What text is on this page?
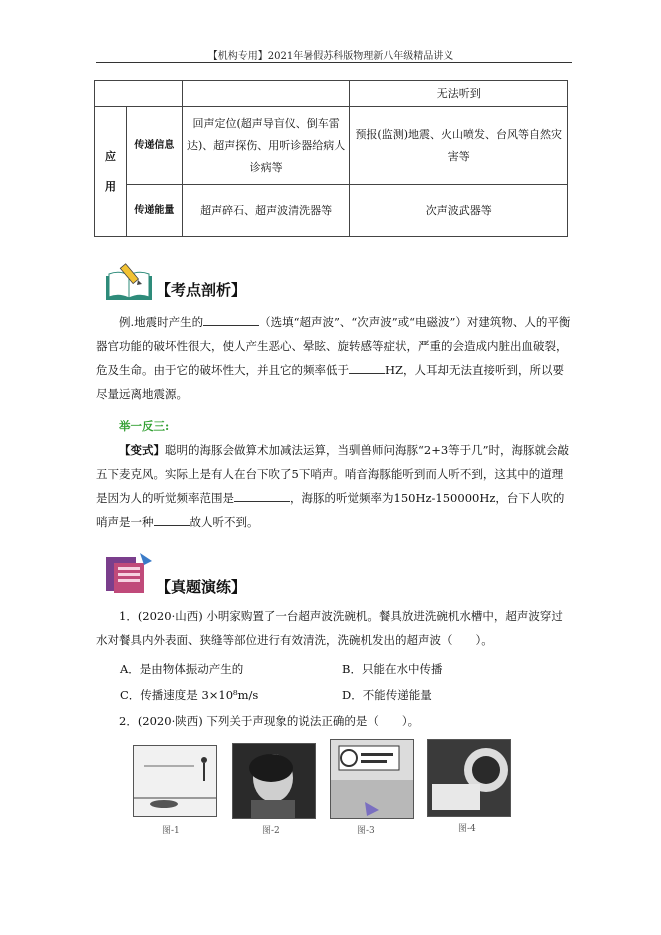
【机构专用】2021年暑假苏科版物理新八年级精品讲义
			无法听到
应用	传递信息	回声定位(超声导盲仪、倒车雷达)、超声探伤、用听诊器给病人诊病等	预报(监测)地震、火山喷发、台风等自然灾害等
	传递能量	超声碎石、超声波清洗器等	次声波武器等
【考点剖析】
例.地震时产生的	（选填“超声波”、“次声波”或“电磁波”）对建筑物、人的平衡器官功能的破坏性很大，使人产生恶心、晕眩、旋转感等症状，严重的会造成内脏出血破裂，危及生命。由于它的破坏性大，并且它的频率低于	HZ，人耳却无法直接听到，所以要尽量远离地震源。
举一反三:
【变式】聪明的海豚会做算术加减法运算，当驯兽师问海豚“2+3等于几”时，海豚就会敲五下麦克风。实际上是有人在台下吹了5下哨声。哨音海豚能听到而人听不到，这其中的道理是因为人的听觉频率范围是	，海豚的听觉频率为150Hz-150000Hz，台下人吹的哨声是一种	故人听不到。
【真题演练】
1．(2020·山西) 小明家购置了一台超声波洗碗机。餐具放进洗碗机水槽中，超声波穿过水对餐具内外表面、狭缝等部位进行有效清洗，洗碗机发出的超声波（　　）。
A．是由物体振动产生的	B．只能在水中传播
C．传播速度是 3×10⁸m/s	D．不能传递能量
2．(2020·陕西) 下列关于声现象的说法正确的是（　　）。
图-1	图-2	图-3	图-4
